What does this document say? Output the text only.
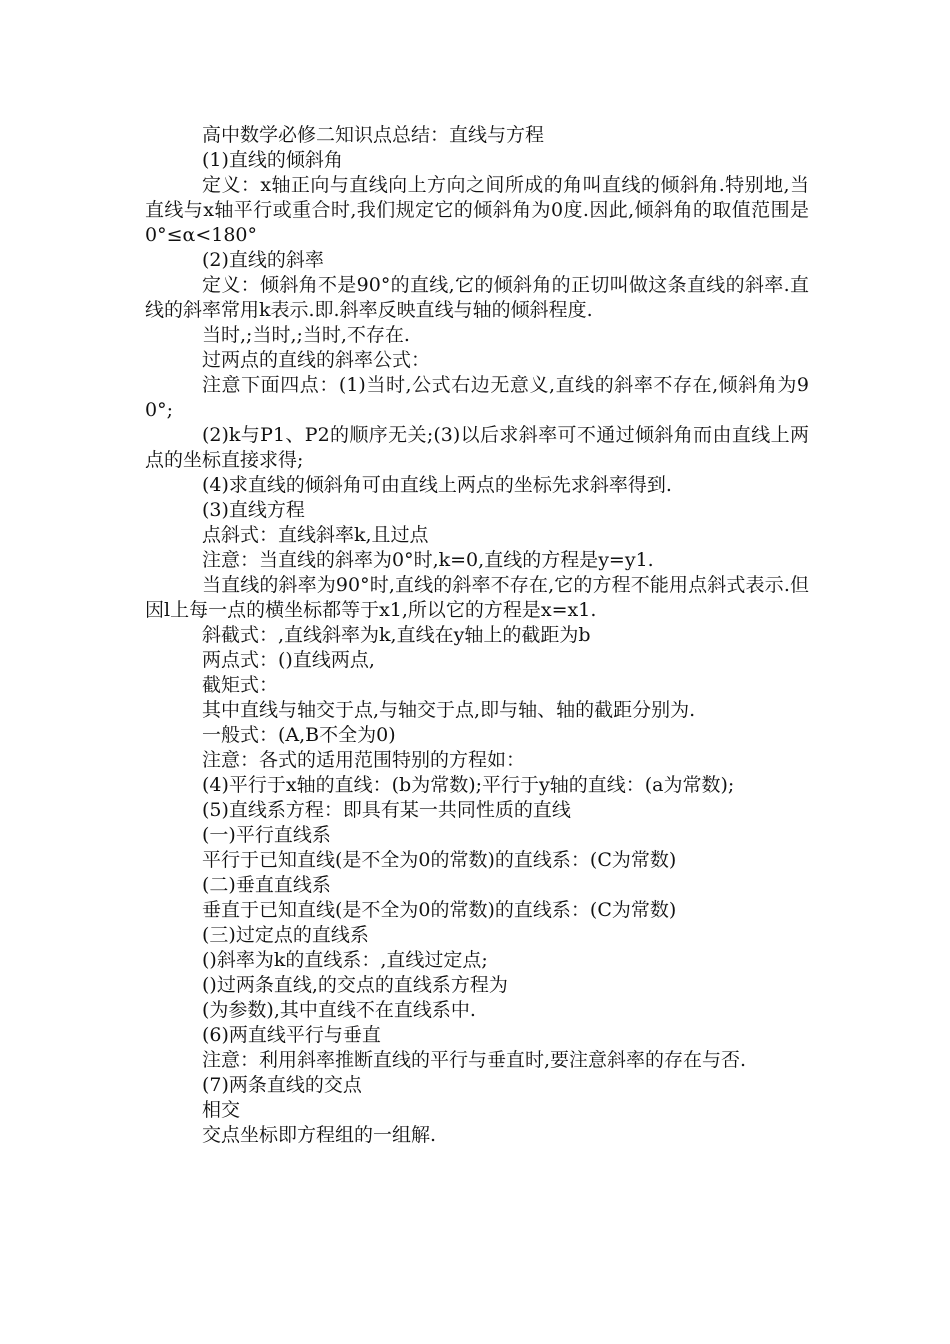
高中数学必修二知识点总结：直线与方程

(1)直线的倾斜角

定义：x轴正向与直线向上方向之间所成的角叫直线的倾斜角.特别地,当直线与x轴平行或重合时,我们规定它的倾斜角为0度.因此,倾斜角的取值范围是0°≤α<180°

(2)直线的斜率

定义：倾斜角不是90°的直线,它的倾斜角的正切叫做这条直线的斜率.直线的斜率常用k表示.即.斜率反映直线与轴的倾斜程度.

当时,;当时,;当时,不存在.

过两点的直线的斜率公式：

注意下面四点：(1)当时,公式右边无意义,直线的斜率不存在,倾斜角为90°;

(2)k与P1、P2的顺序无关;(3)以后求斜率可不通过倾斜角而由直线上两点的坐标直接求得;

(4)求直线的倾斜角可由直线上两点的坐标先求斜率得到.

(3)直线方程

点斜式：直线斜率k,且过点

注意：当直线的斜率为0°时,k=0,直线的方程是y=y1.

当直线的斜率为90°时,直线的斜率不存在,它的方程不能用点斜式表示.但因l上每一点的横坐标都等于x1,所以它的方程是x=x1.

斜截式：,直线斜率为k,直线在y轴上的截距为b

两点式：()直线两点,

截矩式：

其中直线与轴交于点,与轴交于点,即与轴、轴的截距分别为.

一般式：(A,B不全为0)

注意：各式的适用范围特别的方程如：

(4)平行于x轴的直线：(b为常数);平行于y轴的直线：(a为常数);

(5)直线系方程：即具有某一共同性质的直线

(一)平行直线系

平行于已知直线(是不全为0的常数)的直线系：(C为常数)

(二)垂直直线系

垂直于已知直线(是不全为0的常数)的直线系：(C为常数)

(三)过定点的直线系

()斜率为k的直线系：,直线过定点;

()过两条直线,的交点的直线系方程为

(为参数),其中直线不在直线系中.

(6)两直线平行与垂直

注意：利用斜率推断直线的平行与垂直时,要注意斜率的存在与否.

(7)两条直线的交点

相交

交点坐标即方程组的一组解.
